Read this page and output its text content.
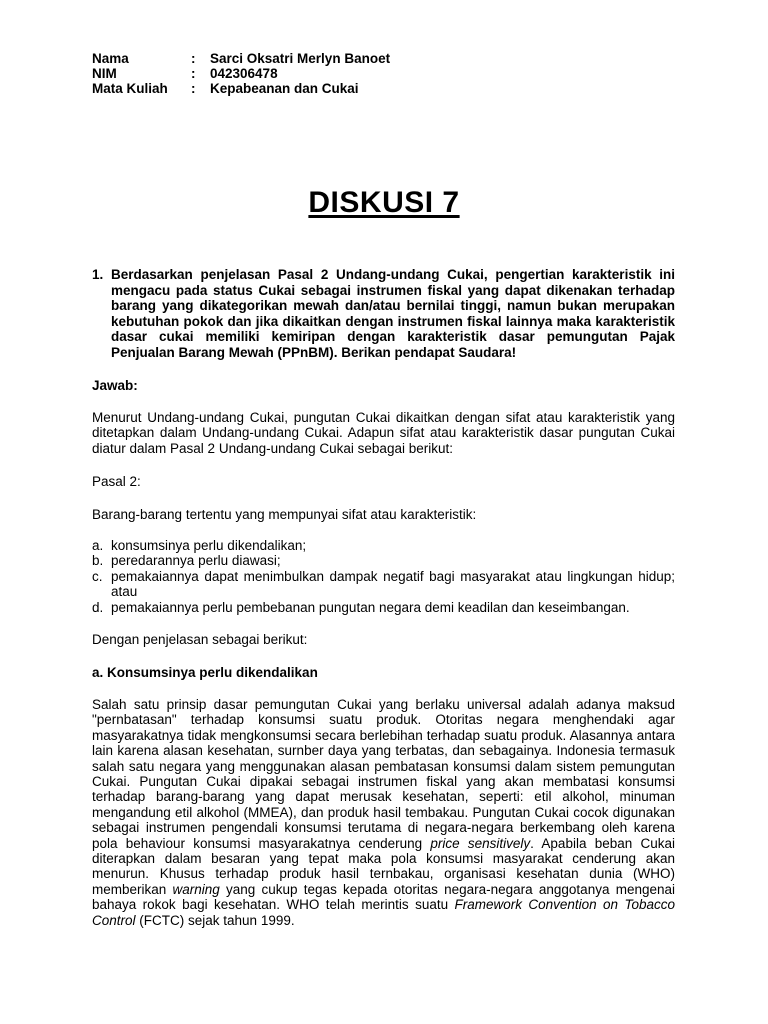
Nama	:	Sarci Oksatri Merlyn Banoet
NIM	:	042306478
Mata Kuliah	:	Kepabeanan dan Cukai
DISKUSI 7
1. Berdasarkan penjelasan Pasal 2 Undang-undang Cukai, pengertian karakteristik ini mengacu pada status Cukai sebagai instrumen fiskal yang dapat dikenakan terhadap barang yang dikategorikan mewah dan/atau bernilai tinggi, namun bukan merupakan kebutuhan pokok dan jika dikaitkan dengan instrumen fiskal lainnya maka karakteristik dasar cukai memiliki kemiripan dengan karakteristik dasar pemungutan Pajak Penjualan Barang Mewah (PPnBM). Berikan pendapat Saudara!

Jawab:

Menurut Undang-undang Cukai, pungutan Cukai dikaitkan dengan sifat atau karakteristik yang ditetapkan dalam Undang-undang Cukai. Adapun sifat atau karakteristik dasar pungutan Cukai diatur dalam Pasal 2 Undang-undang Cukai sebagai berikut:

Pasal 2:

Barang-barang tertentu yang mempunyai sifat atau karakteristik:

a. konsumsinya perlu dikendalikan;
b. peredarannya perlu diawasi;
c. pemakaiannya dapat menimbulkan dampak negatif bagi masyarakat atau lingkungan hidup; atau
d. pemakaiannya perlu pembebanan pungutan negara demi keadilan dan keseimbangan.

Dengan penjelasan sebagai berikut:

a. Konsumsinya perlu dikendalikan

Salah satu prinsip dasar pemungutan Cukai yang berlaku universal adalah adanya maksud "pernbatasan" terhadap konsumsi suatu produk. Otoritas negara menghendaki agar masyarakatnya tidak mengkonsumsi secara berlebihan terhadap suatu produk. Alasannya antara lain karena alasan kesehatan, surnber daya yang terbatas, dan sebagainya. Indonesia termasuk salah satu negara yang menggunakan alasan pembatasan konsumsi dalam sistem pemungutan Cukai. Pungutan Cukai dipakai sebagai instrumen fiskal yang akan membatasi konsumsi terhadap barang-barang yang dapat merusak kesehatan, seperti: etil alkohol, minuman mengandung etil alkohol (MMEA), dan produk hasil tembakau. Pungutan Cukai cocok digunakan sebagai instrumen pengendali konsumsi terutama di negara-negara berkembang oleh karena pola behaviour konsumsi masyarakatnya cenderung price sensitively. Apabila beban Cukai diterapkan dalam besaran yang tepat maka pola konsumsi masyarakat cenderung akan menurun. Khusus terhadap produk hasil ternbakau, organisasi kesehatan dunia (WHO) memberikan warning yang cukup tegas kepada otoritas negara-negara anggotanya mengenai bahaya rokok bagi kesehatan. WHO telah merintis suatu Framework Convention on Tobacco Control (FCTC) sejak tahun 1999.
